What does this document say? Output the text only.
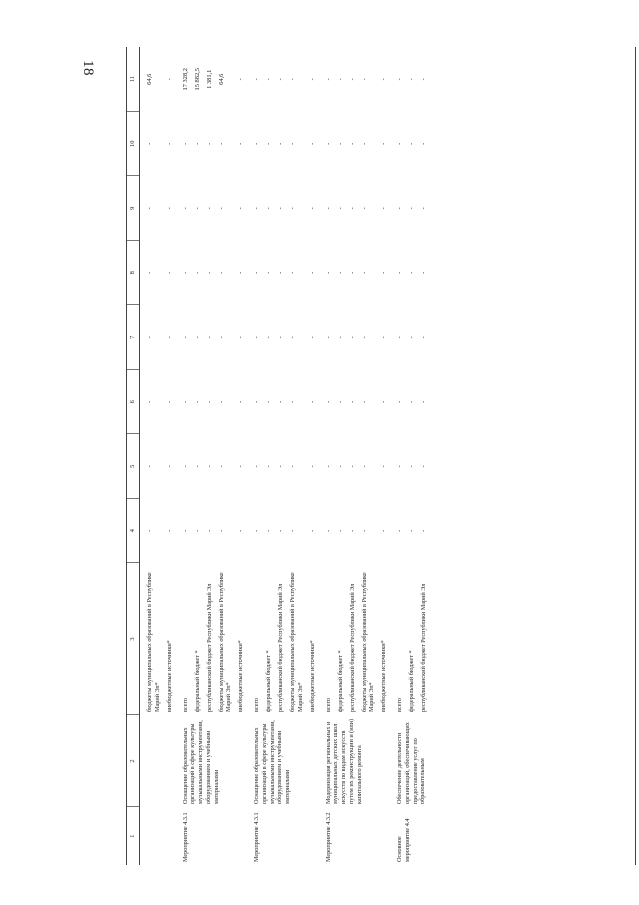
18
1	2	3	4	5	6	7	8	9	10	11
		бюджеты муниципальных образований в Республике Марий Эл*	-	-	-	-	-	-	-	64,6
		внебюджетные источники*	-	-	-	-	-	-	-	-
Мероприятие 4.3.1	Оснащение образовательных организаций в сфере культуры музыкальными инструментами, оборудованием и учебными материалами	всего	-	-	-	-	-	-	-	17 328,2
		федеральный бюджет *	-	-	-	-	-	-	-	15 882,5
		республиканский бюджет Республики Марий Эл	-	-	-	-	-	-	-	1 381,1
		бюджеты муниципальных образований в Республике Марий Эл*	-	-	-	-	-	-	-	64,6
		внебюджетные источники*	-	-	-	-	-	-	-	-
Мероприятие 4.3.1	Оснащение образовательных организаций в сфере культуры музыкальными инструментами, оборудованием и учебными материалами	всего	-	-	-	-	-	-	-	-
		федеральный бюджет *	-	-	-	-	-	-	-	-
		республиканский бюджет Республики Марий Эл	-	-	-	-	-	-	-	-
		бюджеты муниципальных образований в Республике Марий Эл*	-	-	-	-	-	-	-	-
		внебюджетные источники*	-	-	-	-	-	-	-	-
Мероприятие 4.3.2	Модернизация региональных и муниципальных детских школ искусств по видам искусств путем их реконструкции и (или) капитального ремонта	всего	-	-	-	-	-	-	-	-
		федеральный бюджет *	-	-	-	-	-	-	-	-
		республиканский бюджет Республики Марий Эл	-	-	-	-	-	-	-	-
		бюджеты муниципальных образований в Республике Марий Эл*	-	-	-	-	-	-	-	-
		внебюджетные источники*	-	-	-	-	-	-	-	-
Основное мероприятие 4.4	Обеспечение деятельности организаций, обеспечивающих предоставление услуг по образовательным	всего	-	-	-	-	-	-	-	-
		федеральный бюджет *	-	-	-	-	-	-	-	-
		республиканский бюджет Республики Марий Эл	-	-	-	-	-	-	-	-
